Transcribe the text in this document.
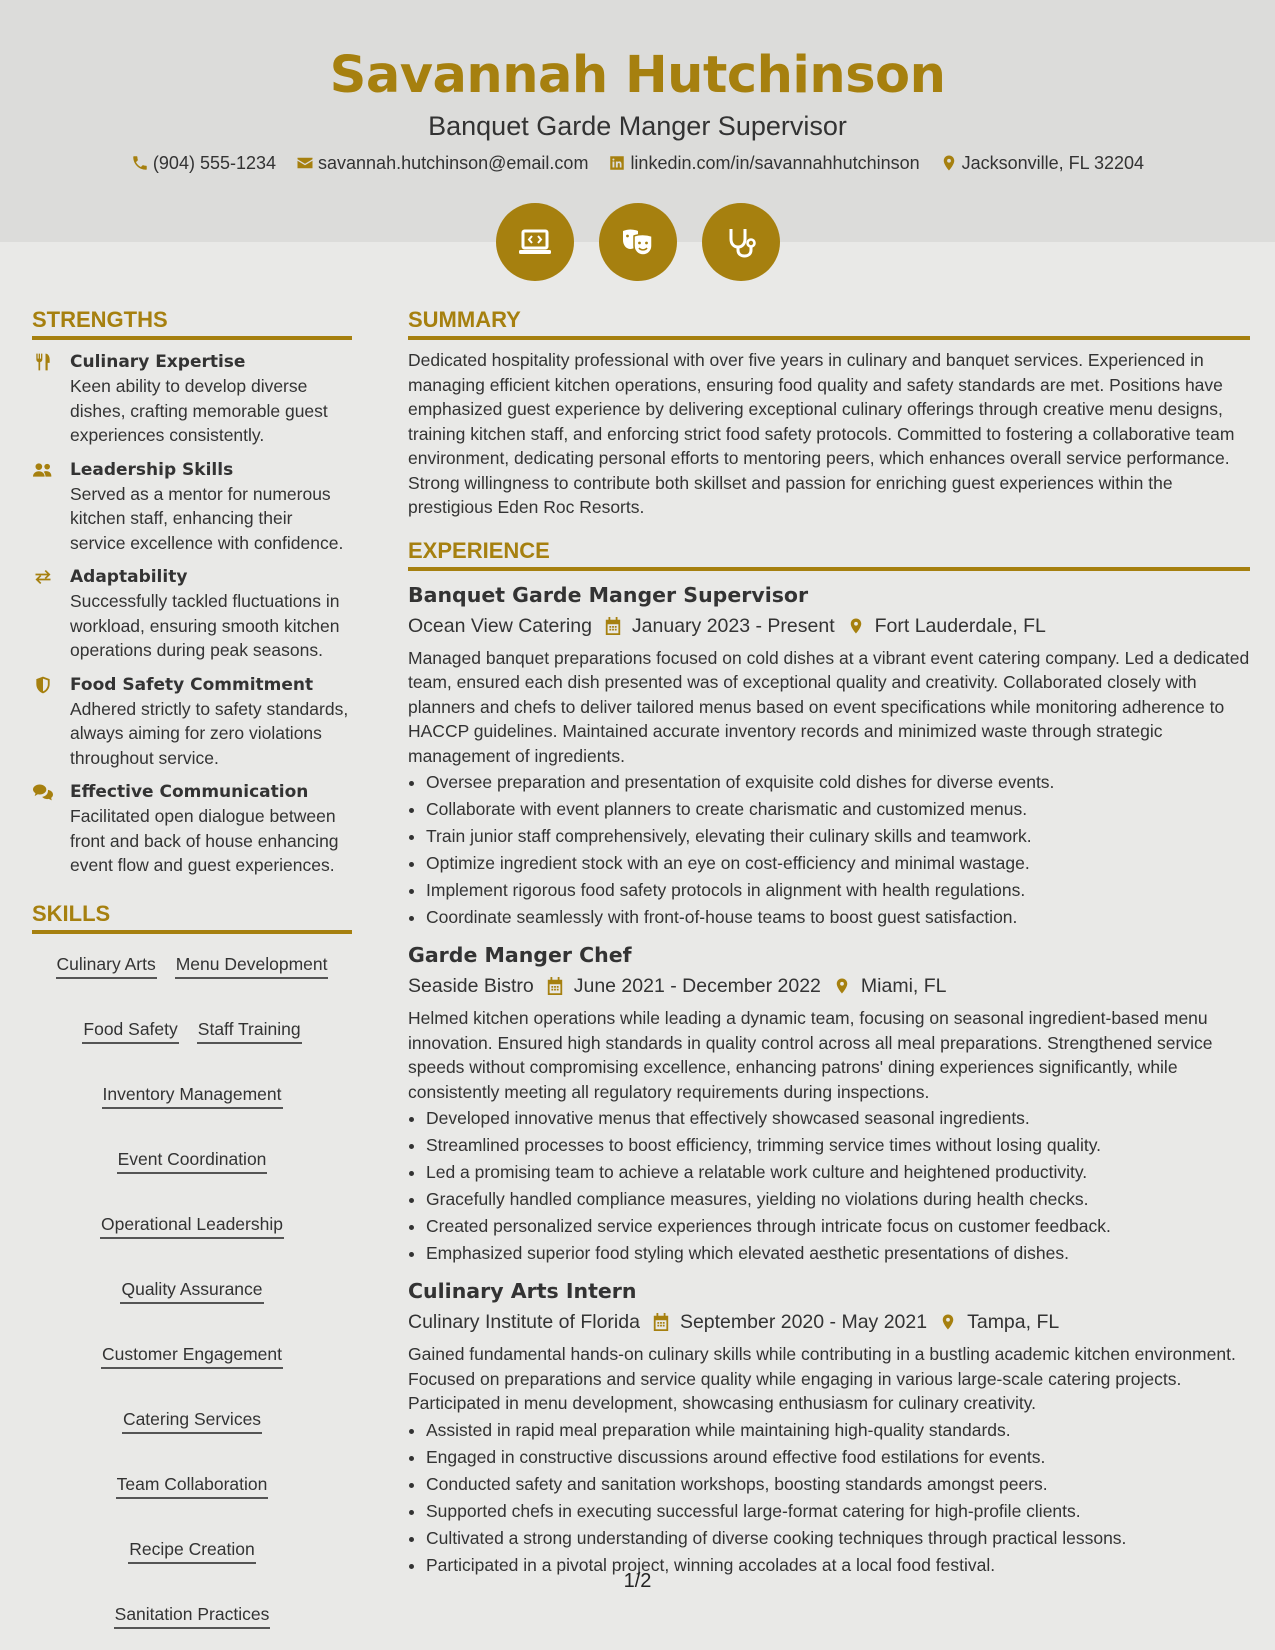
Savannah Hutchinson
Banquet Garde Manger Supervisor
(904) 555-1234 savannah.hutchinson@email.com linkedin.com/in/savannahhutchinson Jacksonville, FL 32204
STRENGTHS
Culinary Expertise
Keen ability to develop diverse dishes, crafting memorable guest experiences consistently.
Leadership Skills
Served as a mentor for numerous kitchen staff, enhancing their service excellence with confidence.
Adaptability
Successfully tackled fluctuations in workload, ensuring smooth kitchen operations during peak seasons.
Food Safety Commitment
Adhered strictly to safety standards, always aiming for zero violations throughout service.
Effective Communication
Facilitated open dialogue between front and back of house enhancing event flow and guest experiences.
SKILLS
Culinary Arts Menu Development
Food Safety Staff Training
Inventory Management
Event Coordination
Operational Leadership
Quality Assurance
Customer Engagement
Catering Services
Team Collaboration
Recipe Creation
Sanitation Practices
SUMMARY
Dedicated hospitality professional with over five years in culinary and banquet services. Experienced in managing efficient kitchen operations, ensuring food quality and safety standards are met. Positions have emphasized guest experience by delivering exceptional culinary offerings through creative menu designs, training kitchen staff, and enforcing strict food safety protocols. Committed to fostering a collaborative team environment, dedicating personal efforts to mentoring peers, which enhances overall service performance. Strong willingness to contribute both skillset and passion for enriching guest experiences within the prestigious Eden Roc Resorts.
EXPERIENCE
Banquet Garde Manger Supervisor
Ocean View Catering January 2023 - Present Fort Lauderdale, FL
Managed banquet preparations focused on cold dishes at a vibrant event catering company. Led a dedicated team, ensured each dish presented was of exceptional quality and creativity. Collaborated closely with planners and chefs to deliver tailored menus based on event specifications while monitoring adherence to HACCP guidelines. Maintained accurate inventory records and minimized waste through strategic management of ingredients.
• Oversee preparation and presentation of exquisite cold dishes for diverse events.
• Collaborate with event planners to create charismatic and customized menus.
• Train junior staff comprehensively, elevating their culinary skills and teamwork.
• Optimize ingredient stock with an eye on cost-efficiency and minimal wastage.
• Implement rigorous food safety protocols in alignment with health regulations.
• Coordinate seamlessly with front-of-house teams to boost guest satisfaction.
Garde Manger Chef
Seaside Bistro June 2021 - December 2022 Miami, FL
Helmed kitchen operations while leading a dynamic team, focusing on seasonal ingredient-based menu innovation. Ensured high standards in quality control across all meal preparations. Strengthened service speeds without compromising excellence, enhancing patrons' dining experiences significantly, while consistently meeting all regulatory requirements during inspections.
• Developed innovative menus that effectively showcased seasonal ingredients.
• Streamlined processes to boost efficiency, trimming service times without losing quality.
• Led a promising team to achieve a relatable work culture and heightened productivity.
• Gracefully handled compliance measures, yielding no violations during health checks.
• Created personalized service experiences through intricate focus on customer feedback.
• Emphasized superior food styling which elevated aesthetic presentations of dishes.
Culinary Arts Intern
Culinary Institute of Florida September 2020 - May 2021 Tampa, FL
Gained fundamental hands-on culinary skills while contributing in a bustling academic kitchen environment. Focused on preparations and service quality while engaging in various large-scale catering projects. Participated in menu development, showcasing enthusiasm for culinary creativity.
• Assisted in rapid meal preparation while maintaining high-quality standards.
• Engaged in constructive discussions around effective food estilations for events.
• Conducted safety and sanitation workshops, boosting standards amongst peers.
• Supported chefs in executing successful large-format catering for high-profile clients.
• Cultivated a strong understanding of diverse cooking techniques through practical lessons.
• Participated in a pivotal project, winning accolades at a local food festival.
1/2
